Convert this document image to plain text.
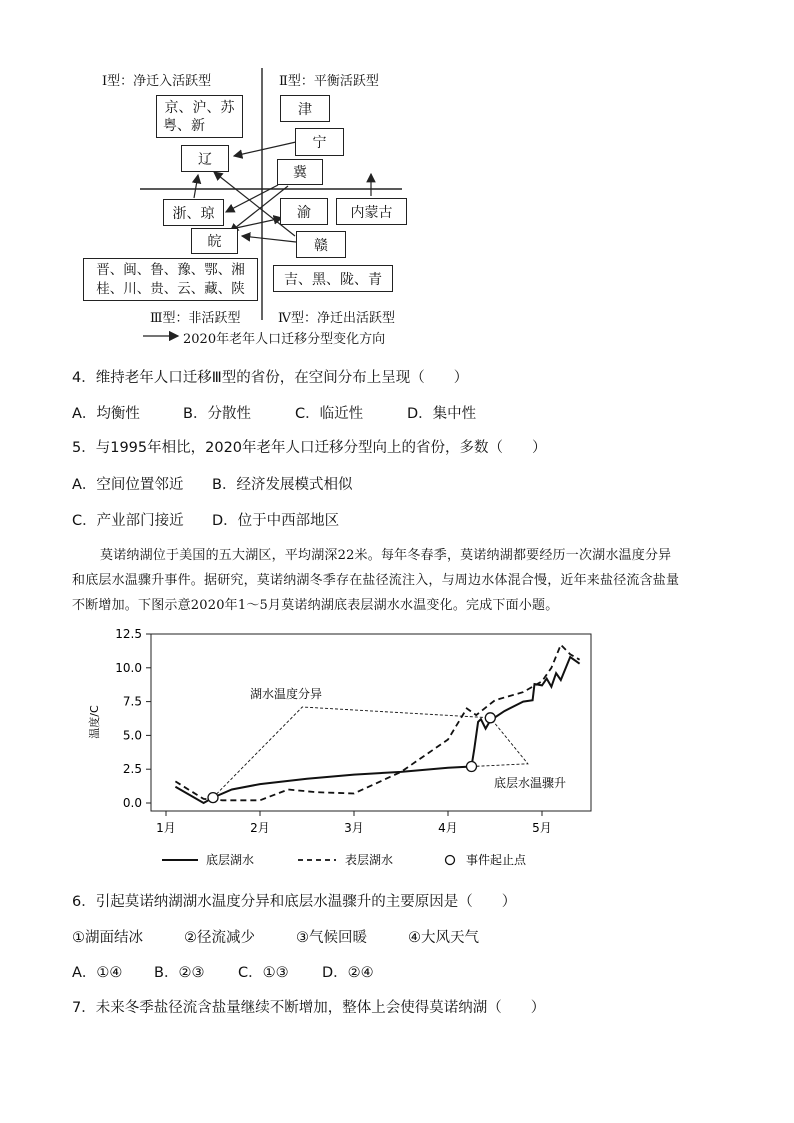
Ⅰ型：净迁入活跃型	Ⅱ型：平衡活跃型
Ⅲ型：非活跃型	Ⅳ型：净迁出活跃型
京、沪、苏
粤、新
辽
浙、琼
皖
晋、闽、鲁、豫、鄂、湘
桂、川、贵、云、藏、陕
津
宁
冀
渝	内蒙古
赣
吉、黑、陇、青
2020年老年人口迁移分型变化方向
4．维持老年人口迁移Ⅲ型的省份，在空间分布上呈现（　　）
A．均衡性	B．分散性	C．临近性	D．集中性
5．与1995年相比，2020年老年人口迁移分型向上的省份，多数（　　）
A．空间位置邻近 B．经济发展模式相似
C．产业部门接近 D．位于中西部地区
莫诺纳湖位于美国的五大湖区，平均湖深22米。每年冬春季，莫诺纳湖都要经历一次湖水温度分异
和底层水温骤升事件。据研究，莫诺纳湖冬季存在盐径流注入，与周边水体混合慢，近年来盐径流含盐量
不断增加。下图示意2020年1～5月莫诺纳湖底表层湖水水温变化。完成下面小题。
温度/C
0.0
2.5
5.0
7.5
10.0
12.5
1月	2月	3月	4月	5月
湖水温度分异
底层水温骤升
底层湖水	表层湖水	事件起止点
6．引起莫诺纳湖湖水温度分异和底层水温骤升的主要原因是（　　）
①湖面结冰	②径流减少	③气候回暖	④大风天气
A．①④ B．②③ C．①③ D．②④
7．未来冬季盐径流含盐量继续不断增加，整体上会使得莫诺纳湖（　　）
